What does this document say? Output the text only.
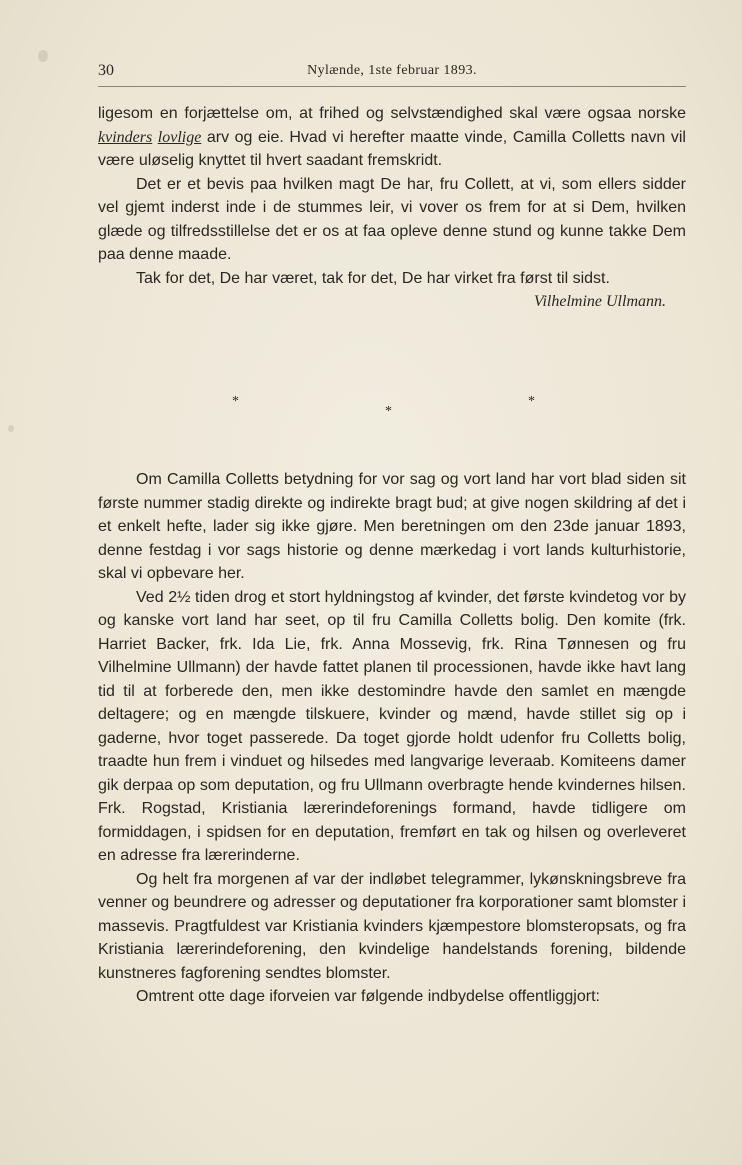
30	Nylænde, 1ste februar 1893.

ligesom en forjættelse om, at frihed og selvstændighed skal være ogsaa norske kvinders lovlige arv og eie. Hvad vi herefter maatte vinde, Camilla Colletts navn vil være uløselig knyttet til hvert saadant fremskridt.

Det er et bevis paa hvilken magt De har, fru Collett, at vi, som ellers sidder vel gjemt inderst inde i de stummes leir, vi vover os frem for at si Dem, hvilken glæde og tilfredsstillelse det er os at faa opleve denne stund og kunne takke Dem paa denne maade.

Tak for det, De har været, tak for det, De har virket fra først til sidst.

Vilhelmine Ullmann.

*
*
*

Om Camilla Colletts betydning for vor sag og vort land har vort blad siden sit første nummer stadig direkte og indirekte bragt bud; at give nogen skildring af det i et enkelt hefte, lader sig ikke gjøre. Men beretningen om den 23de januar 1893, denne festdag i vor sags historie og denne mærkedag i vort lands kulturhistorie, skal vi opbevare her.

Ved 2½ tiden drog et stort hyldningstog af kvinder, det første kvindetog vor by og kanske vort land har seet, op til fru Camilla Colletts bolig. Den komite (frk. Harriet Backer, frk. Ida Lie, frk. Anna Mossevig, frk. Rina Tønnesen og fru Vilhelmine Ullmann) der havde fattet planen til processionen, havde ikke havt lang tid til at forberede den, men ikke destomindre havde den samlet en mængde deltagere; og en mængde tilskuere, kvinder og mænd, havde stillet sig op i gaderne, hvor toget passerede. Da toget gjorde holdt udenfor fru Colletts bolig, traadte hun frem i vinduet og hilsedes med langvarige leveraab. Komiteens damer gik derpaa op som deputation, og fru Ullmann overbragte hende kvindernes hilsen. Frk. Rogstad, Kristiania lærerindeforenings formand, havde tidligere om formiddagen, i spidsen for en deputation, fremført en tak og hilsen og overleveret en adresse fra lærerinderne.

Og helt fra morgenen af var der indløbet telegrammer, lykønskningsbreve fra venner og beundrere og adresser og deputationer fra korporationer samt blomster i massevis. Pragtfuldest var Kristiania kvinders kjæmpestore blomsteropsats, og fra Kristiania lærerindeforening, den kvindelige handelstands forening, bildende kunstneres fagforening sendtes blomster.

Omtrent otte dage iforveien var følgende indbydelse offentliggjort:
